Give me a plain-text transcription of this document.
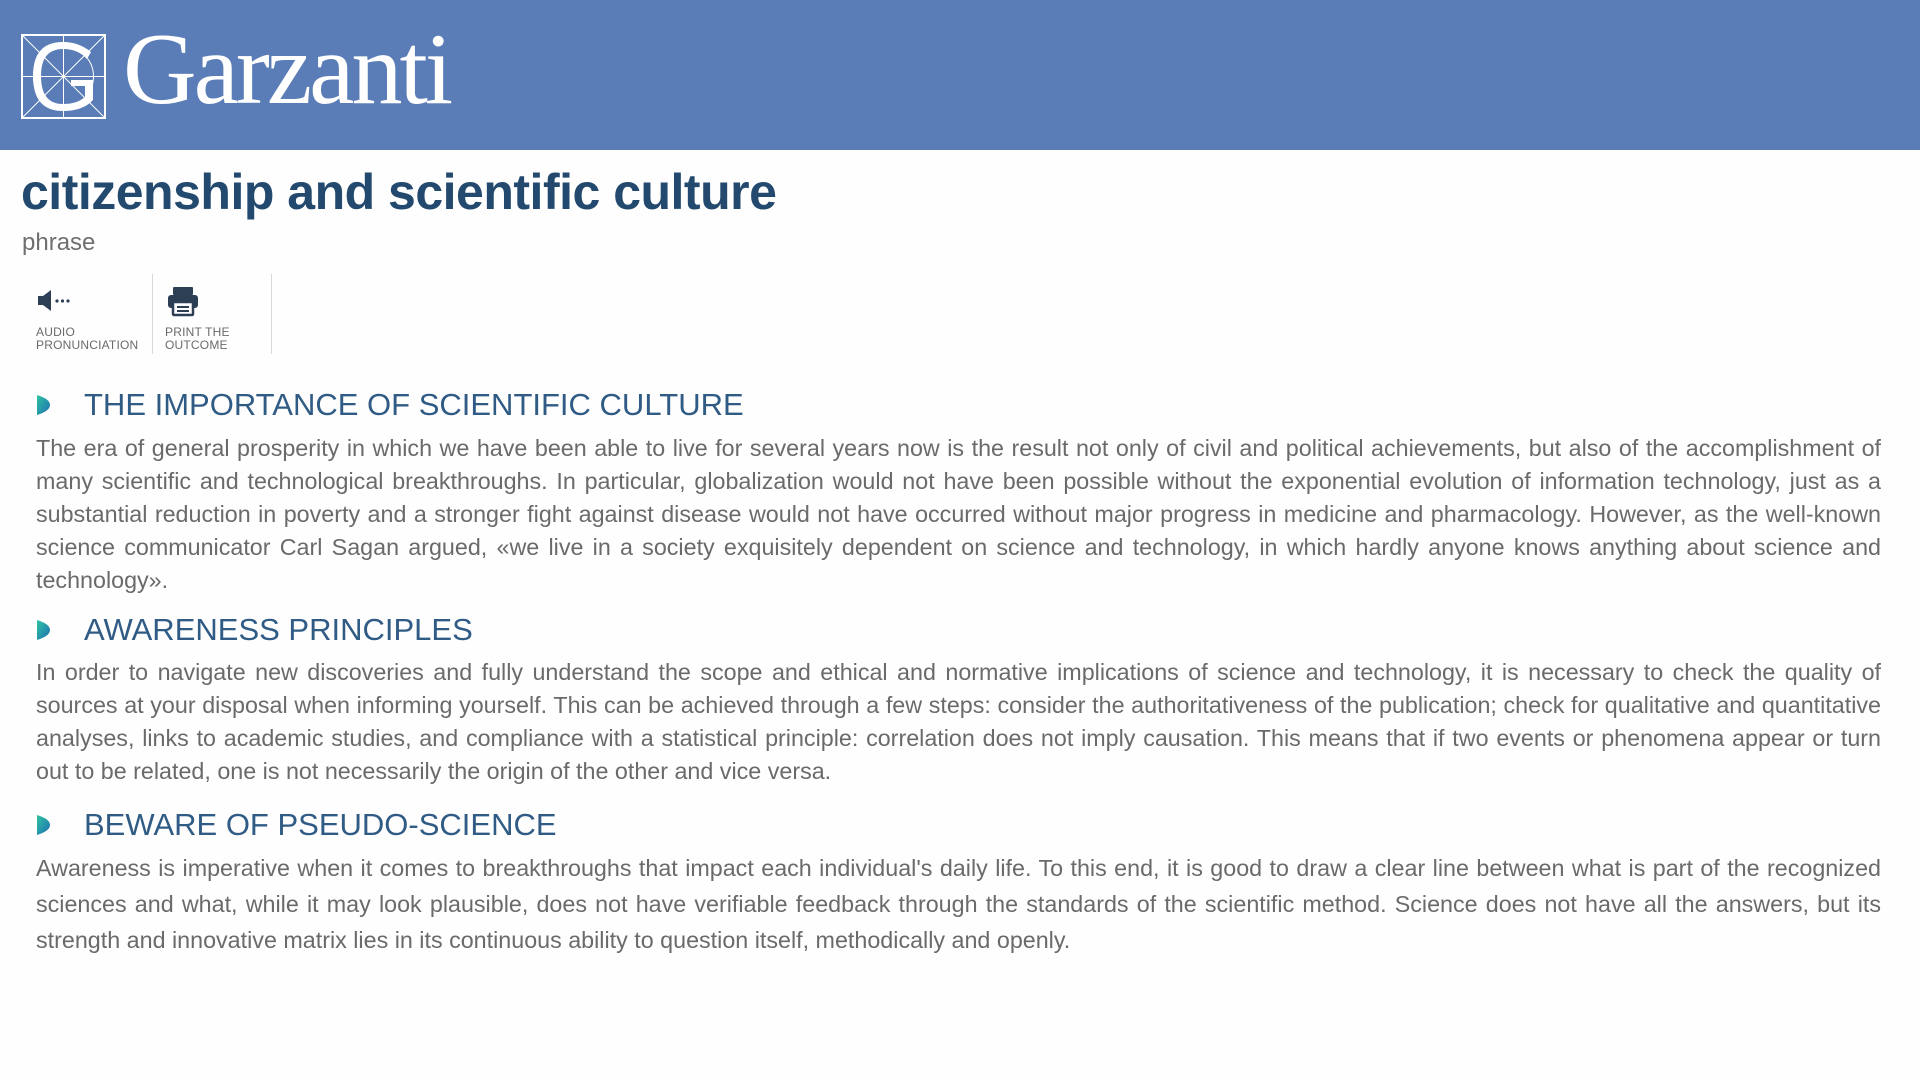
Garzanti
citizenship and scientific culture
phrase
AUDIO
PRONUNCIATION
PRINT THE
OUTCOME
THE IMPORTANCE OF SCIENTIFIC CULTURE

The era of general prosperity in which we have been able to live for several years now is the result not only of civil and political achievements, but also of the accomplishment of many scientific and technological breakthroughs. In particular, globalization would not have been possible without the exponential evolution of information technology, just as a substantial reduction in poverty and a stronger fight against disease would not have occurred without major progress in medicine and pharmacology. However, as the well-known science communicator Carl Sagan argued, «we live in a society exquisitely dependent on science and technology, in which hardly anyone knows anything about science and technology».

AWARENESS PRINCIPLES

In order to navigate new discoveries and fully understand the scope and ethical and normative implications of science and technology, it is necessary to check the quality of sources at your disposal when informing yourself. This can be achieved through a few steps: consider the authoritativeness of the publication; check for qualitative and quantitative analyses, links to academic studies, and compliance with a statistical principle: correlation does not imply causation. This means that if two events or phenomena appear or turn out to be related, one is not necessarily the origin of the other and vice versa.

BEWARE OF PSEUDO-SCIENCE

Awareness is imperative when it comes to breakthroughs that impact each individual's daily life. To this end, it is good to draw a clear line between what is part of the recognized sciences and what, while it may look plausible, does not have verifiable feedback through the standards of the scientific method. Science does not have all the answers, but its strength and innovative matrix lies in its continuous ability to question itself, methodically and openly.
